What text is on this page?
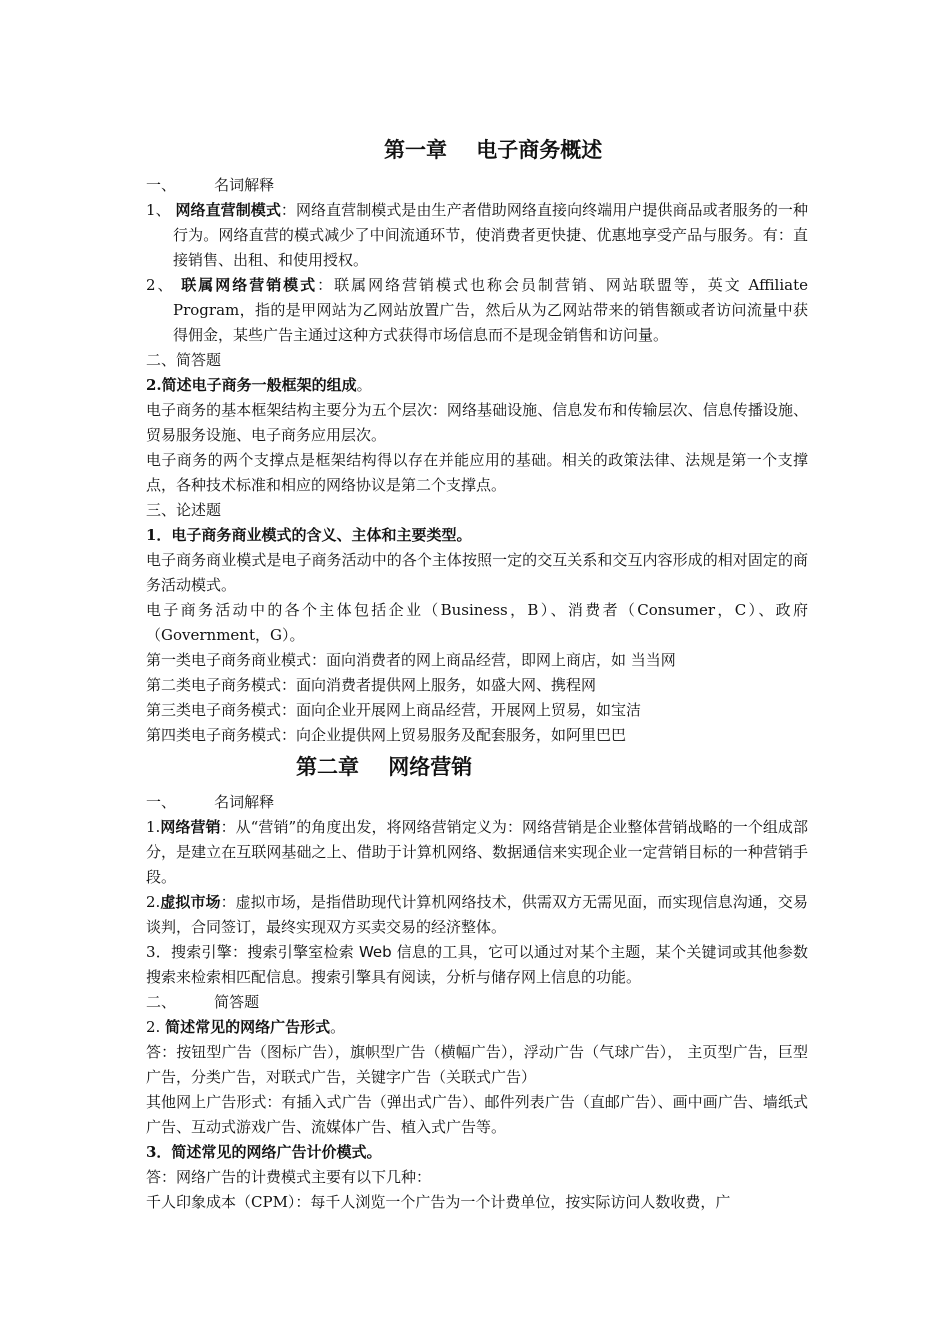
第一章    电子商务概述

一、        名词解释

1、 网络直营制模式：网络直营制模式是由生产者借助网络直接向终端用户提供商品或者服务的一种行为。网络直营的模式减少了中间流通环节，使消费者更快捷、优惠地享受产品与服务。有：直接销售、出租、和使用授权。

2、 联属网络营销模式：联属网络营销模式也称会员制营销、网站联盟等，英文 Affiliate Program，指的是甲网站为乙网站放置广告，然后从为乙网站带来的销售额或者访问流量中获得佣金，某些广告主通过这种方式获得市场信息而不是现金销售和访问量。

二、简答题

2.简述电子商务一般框架的组成。

电子商务的基本框架结构主要分为五个层次：网络基础设施、信息发布和传输层次、信息传播设施、贸易服务设施、电子商务应用层次。

电子商务的两个支撑点是框架结构得以存在并能应用的基础。相关的政策法律、法规是第一个支撑点，各种技术标准和相应的网络协议是第二个支撑点。

三、论述题

1．电子商务商业模式的含义、主体和主要类型。

电子商务商业模式是电子商务活动中的各个主体按照一定的交互关系和交互内容形成的相对固定的商务活动模式。

电子商务活动中的各个主体包括企业（Business，B）、消费者（Consumer，C）、政府（Government，G）。

第一类电子商务商业模式：面向消费者的网上商品经营，即网上商店，如 当当网

第二类电子商务模式：面向消费者提供网上服务，如盛大网、携程网

第三类电子商务模式：面向企业开展网上商品经营，开展网上贸易，如宝洁

第四类电子商务模式：向企业提供网上贸易服务及配套服务，如阿里巴巴

第二章    网络营销

一、        名词解释

1.网络营销：从“营销”的角度出发，将网络营销定义为：网络营销是企业整体营销战略的一个组成部分，是建立在互联网基础之上、借助于计算机网络、数据通信来实现企业一定营销目标的一种营销手段。

2.虚拟市场：虚拟市场，是指借助现代计算机网络技术，供需双方无需见面，而实现信息沟通，交易谈判，合同签订，最终实现双方买卖交易的经济整体。

3．搜索引擎：搜索引擎室检索 Web 信息的工具，它可以通过对某个主题，某个关键词或其他参数搜索来检索相匹配信息。搜索引擎具有阅读，分析与储存网上信息的功能。

二、        简答题

2. 简述常见的网络广告形式。

答：按钮型广告（图标广告），旗帜型广告（横幅广告），浮动广告（气球广告）， 主页型广告，巨型广告，分类广告，对联式广告，关键字广告（关联式广告）

其他网上广告形式：有插入式广告（弹出式广告）、邮件列表广告（直邮广告）、画中画广告、墙纸式广告、互动式游戏广告、流媒体广告、植入式广告等。

3．简述常见的网络广告计价模式。

答：网络广告的计费模式主要有以下几种：

千人印象成本（CPM）：每千人浏览一个广告为一个计费单位，按实际访问人数收费，广
